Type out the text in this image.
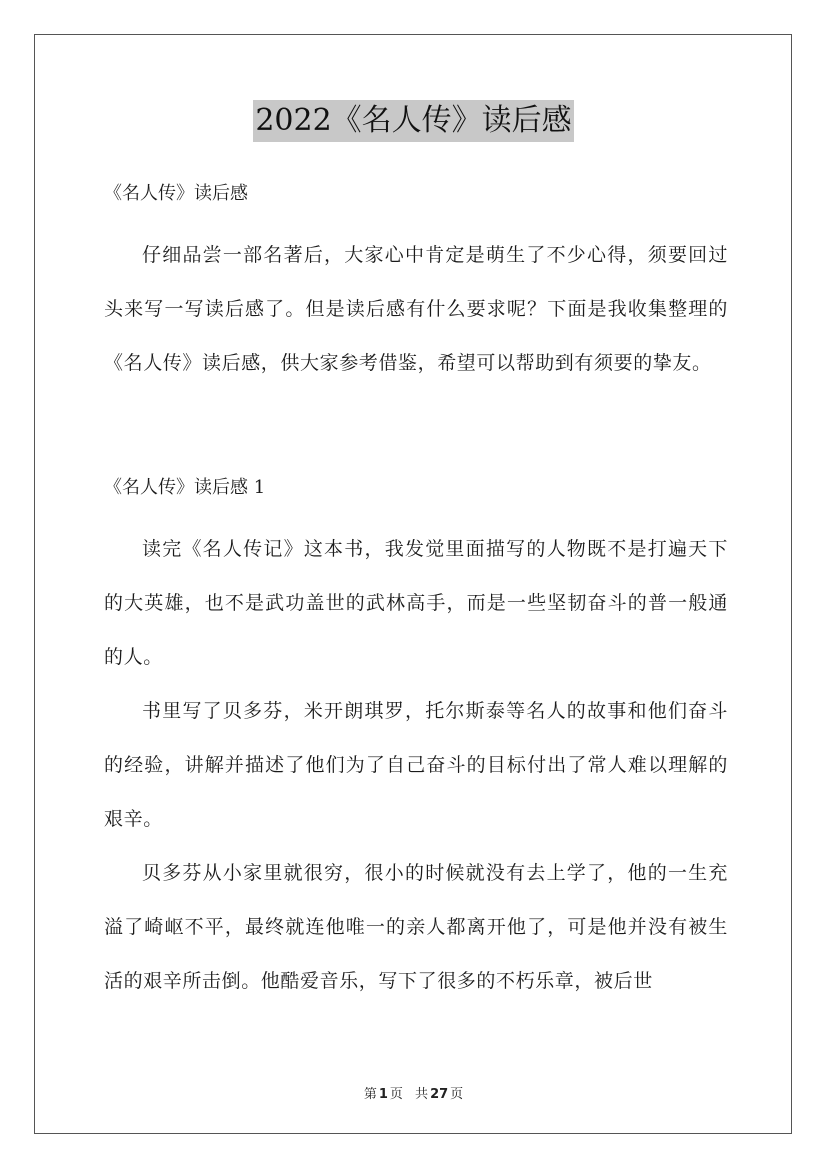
2022《名人传》读后感

《名人传》读后感

仔细品尝一部名著后，大家心中肯定是萌生了不少心得，须要回过头来写一写读后感了。但是读后感有什么要求呢？下面是我收集整理的《名人传》读后感，供大家参考借鉴，希望可以帮助到有须要的挚友。

《名人传》读后感 1

读完《名人传记》这本书，我发觉里面描写的人物既不是打遍天下的大英雄，也不是武功盖世的武林高手，而是一些坚韧奋斗的普一般通的人。

书里写了贝多芬，米开朗琪罗，托尔斯泰等名人的故事和他们奋斗的经验，讲解并描述了他们为了自己奋斗的目标付出了常人难以理解的艰辛。

贝多芬从小家里就很穷，很小的时候就没有去上学了，他的一生充溢了崎岖不平，最终就连他唯一的亲人都离开他了，可是他并没有被生活的艰辛所击倒。他酷爱音乐，写下了很多的不朽乐章，被后世

第 1 页 共 27 页
